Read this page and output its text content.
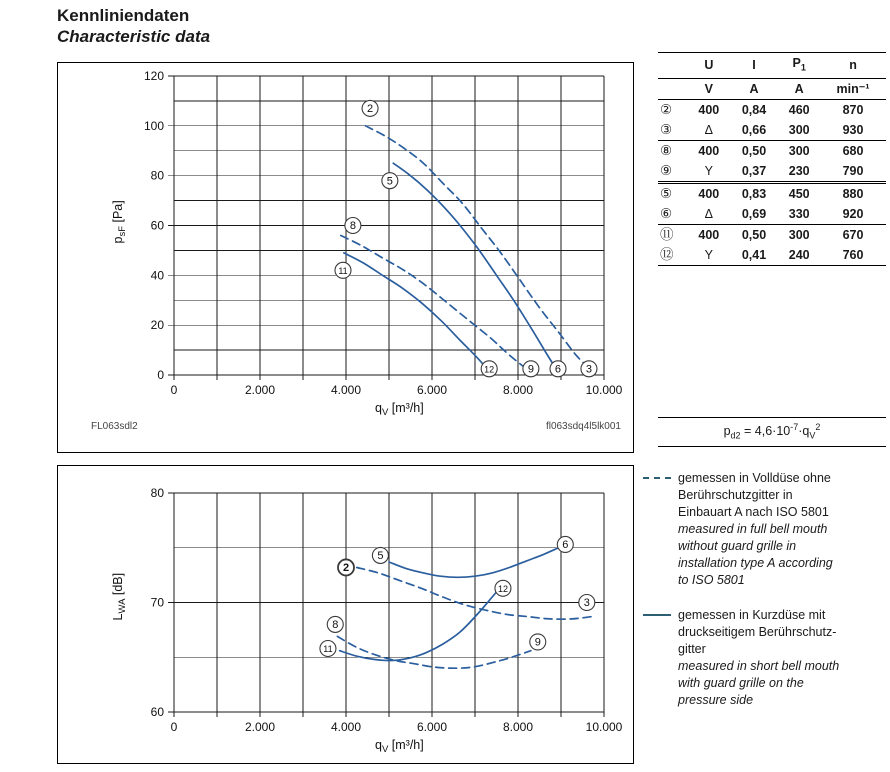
Kennliniendaten
Characteristic data
0	2.000	4.000	6.000	8.000	10.000
0
20
40
60
80
100
120
$q_V$ [m³/h]
$p_{sF}$ [Pa]
2
5
8
11
12	9 6 3
FL063sdl2	fl063sdq4l5lk001
0	2.000	4.000	6.000	8.000	10.000
60
70
80
$q_V$ [m³/h]
$L_{WA}$ [dB]
2
5
6
12
3
8
11
9
	U	I	$P_1$	n
	V	A	A	min⁻¹
②	400	0,84	460	870
③	Δ	0,66	300	930
⑧	400	0,50	300	680
⑨	Y	0,37	230	790
⑤	400	0,83	450	880
⑥	Δ	0,69	330	920
⑪	400	0,50	300	670
⑫	Y	0,41	240	760
$p_{d2} = 4,6\cdot 10^{-7}\cdot q_V^2$
gemessen in Volldüse ohne
Berührschutzgitter in
Einbauart A nach ISO 5801
measured in full bell mouth
without guard grille in
installation type A according
to ISO 5801
gemessen in Kurzdüse mit
druckseitigem Berührschutz-
gitter
measured in short bell mouth
with guard grille on the
pressure side
